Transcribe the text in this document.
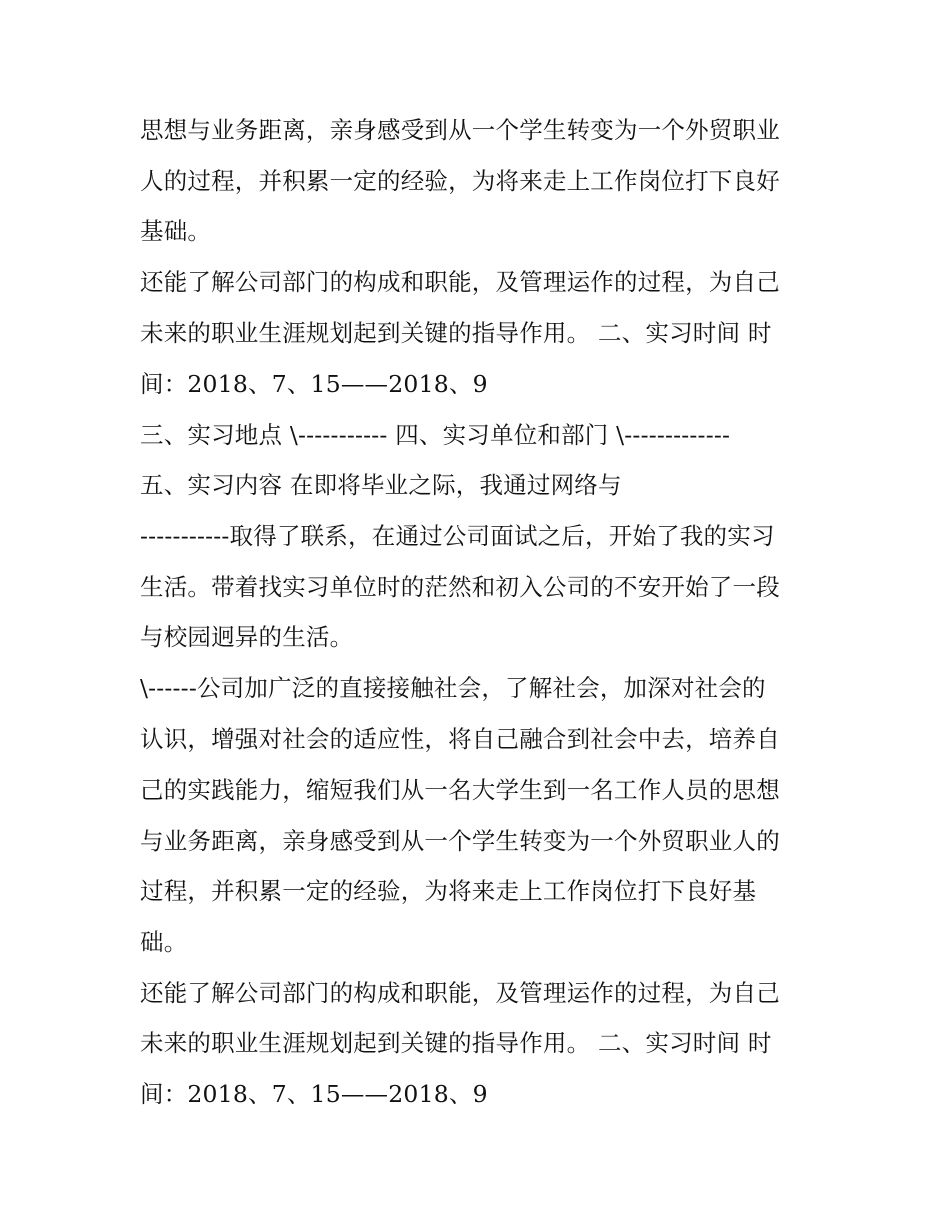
思想与业务距离，亲身感受到从一个学生转变为一个外贸职业
人的过程，并积累一定的经验，为将来走上工作岗位打下良好
基础。
还能了解公司部门的构成和职能，及管理运作的过程，为自己
未来的职业生涯规划起到关键的指导作用。 二、实习时间 时
间：2018、7、15——2018、9
三、实习地点 \----------- 四、实习单位和部门 \-------------
五、实习内容 在即将毕业之际，我通过网络与
-----------取得了联系，在通过公司面试之后，开始了我的实习
生活。带着找实习单位时的茫然和初入公司的不安开始了一段
与校园迥异的生活。
\------公司加广泛的直接接触社会，了解社会，加深对社会的
认识，增强对社会的适应性，将自己融合到社会中去，培养自
己的实践能力，缩短我们从一名大学生到一名工作人员的思想
与业务距离，亲身感受到从一个学生转变为一个外贸职业人的
过程，并积累一定的经验，为将来走上工作岗位打下良好基
础。
还能了解公司部门的构成和职能，及管理运作的过程，为自己
未来的职业生涯规划起到关键的指导作用。 二、实习时间 时
间：2018、7、15——2018、9
